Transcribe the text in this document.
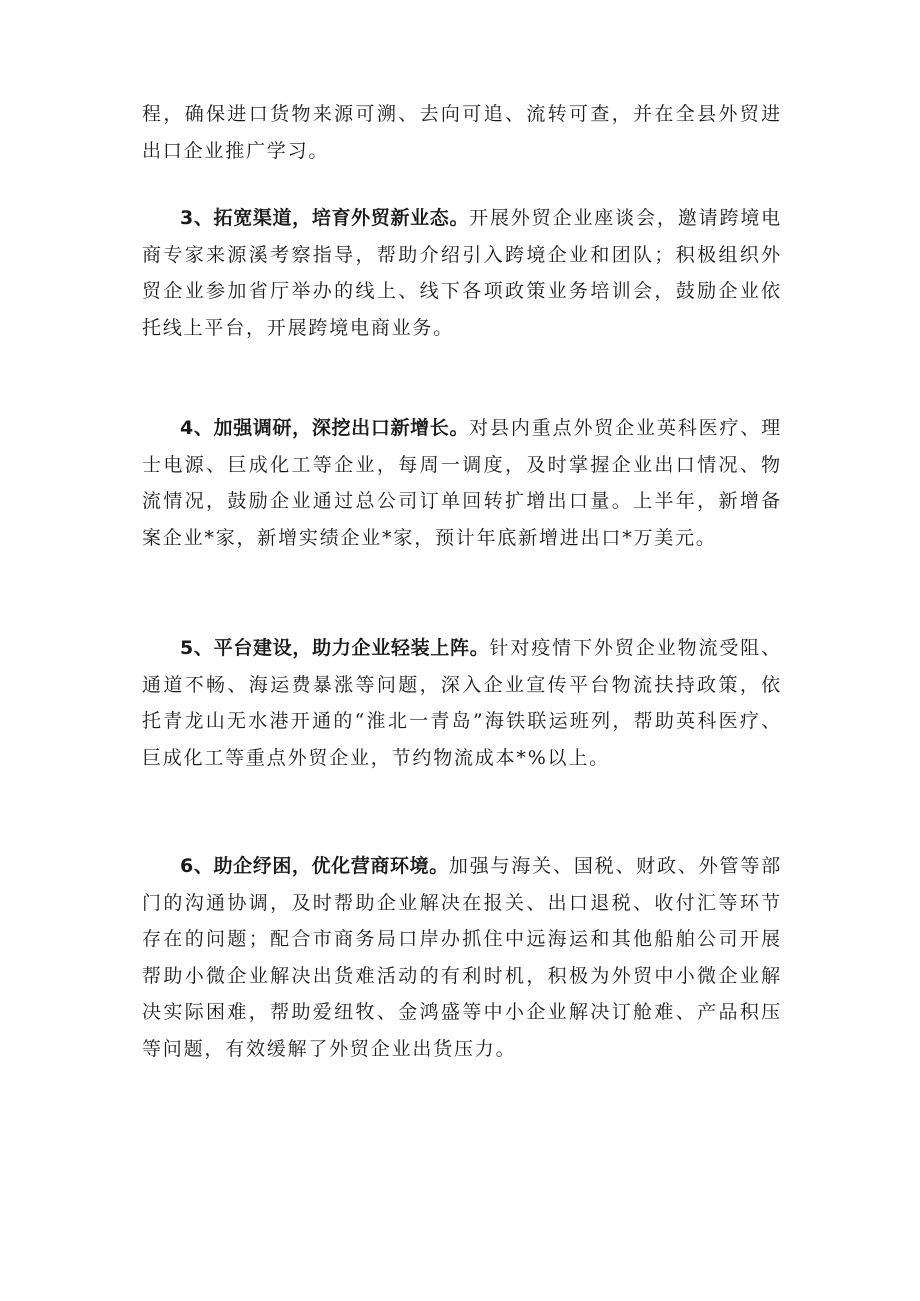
程，确保进口货物来源可溯、去向可追、流转可查，并在全县外贸进出口企业推广学习。

3、拓宽渠道，培育外贸新业态。开展外贸企业座谈会，邀请跨境电商专家来源溪考察指导，帮助介绍引入跨境企业和团队；积极组织外贸企业参加省厅举办的线上、线下各项政策业务培训会，鼓励企业依托线上平台，开展跨境电商业务。

4、加强调研，深挖出口新增长。对县内重点外贸企业英科医疗、理士电源、巨成化工等企业，每周一调度，及时掌握企业出口情况、物流情况，鼓励企业通过总公司订单回转扩增出口量。上半年，新增备案企业*家，新增实绩企业*家，预计年底新增进出口*万美元。

5、平台建设，助力企业轻装上阵。针对疫情下外贸企业物流受阻、通道不畅、海运费暴涨等问题，深入企业宣传平台物流扶持政策，依托青龙山无水港开通的“淮北一青岛”海铁联运班列，帮助英科医疗、巨成化工等重点外贸企业，节约物流成本*%以上。

6、助企纾困，优化营商环境。加强与海关、国税、财政、外管等部门的沟通协调，及时帮助企业解决在报关、出口退税、收付汇等环节存在的问题；配合市商务局口岸办抓住中远海运和其他船舶公司开展帮助小微企业解决出货难活动的有利时机，积极为外贸中小微企业解决实际困难，帮助爱纽牧、金鸿盛等中小企业解决订舱难、产品积压等问题，有效缓解了外贸企业出货压力。
